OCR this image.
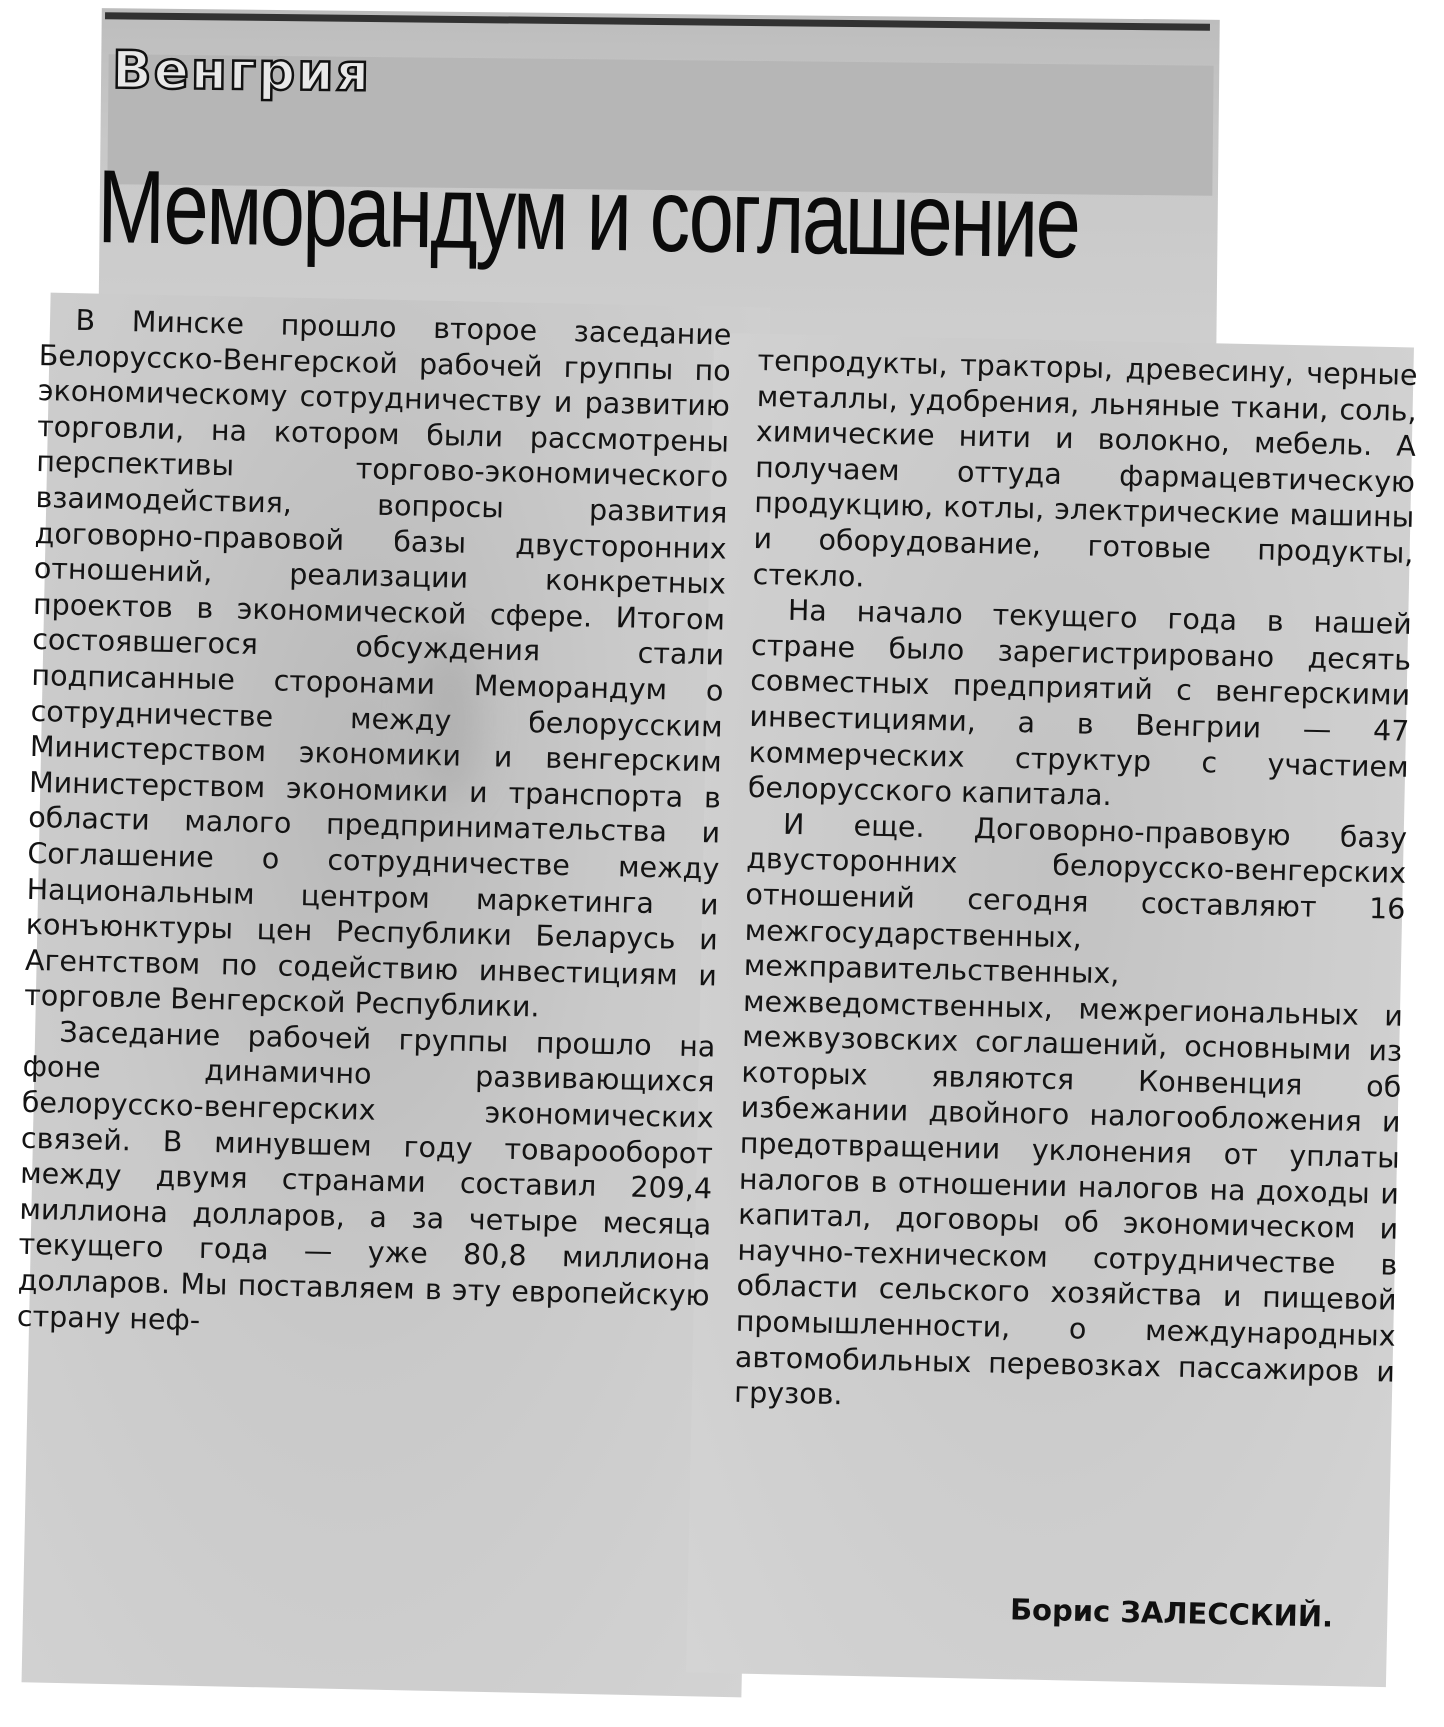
Венгрия
Меморандум и соглашение

В Минске прошло второе заседание Белорусско-Венгерской рабочей группы по экономическому сотрудничеству и развитию торговли, на котором были рассмотрены перспективы торгово-экономического взаимодействия, вопросы развития договорно-правовой базы двусторонних отношений, реализации конкретных проектов в экономической сфере. Итогом состоявшегося обсуждения стали подписанные сторонами Меморандум о сотрудничестве между белорусским Министерством экономики и венгерским Министерством экономики и транспорта в области малого предпринимательства и Соглашение о сотрудничестве между Национальным центром маркетинга и конъюнктуры цен Республики Беларусь и Агентством по содействию инвестициям и торговле Венгерской Республики.

Заседание рабочей группы прошло на фоне динамично развивающихся белорусско-венгерских экономических связей. В минувшем году товарооборот между двумя странами составил 209,4 миллиона долларов, а за четыре месяца текущего года — уже 80,8 миллиона долларов. Мы поставляем в эту европейскую страну неф-

тепродукты, тракторы, древесину, черные металлы, удобрения, льняные ткани, соль, химические нити и волокно, мебель. А получаем оттуда фармацевтическую продукцию, котлы, электрические машины и оборудование, готовые продукты, стекло.

На начало текущего года в нашей стране было зарегистрировано десять совместных предприятий с венгерскими инвестициями, а в Венгрии — 47 коммерческих структур с участием белорусского капитала.

И еще. Договорно-правовую базу двусторонних белорусско-венгерских отношений сегодня составляют 16 межгосударственных, межправительственных, межведомственных, межрегиональных и межвузовских соглашений, основными из которых являются Конвенция об избежании двойного налогообложения и предотвращении уклонения от уплаты налогов в отношении налогов на доходы и капитал, договоры об экономическом и научно-техническом сотрудничестве в области сельского хозяйства и пищевой промышленности, о международных автомобильных перевозках пассажиров и грузов.

Борис ЗАЛЕССКИЙ.
